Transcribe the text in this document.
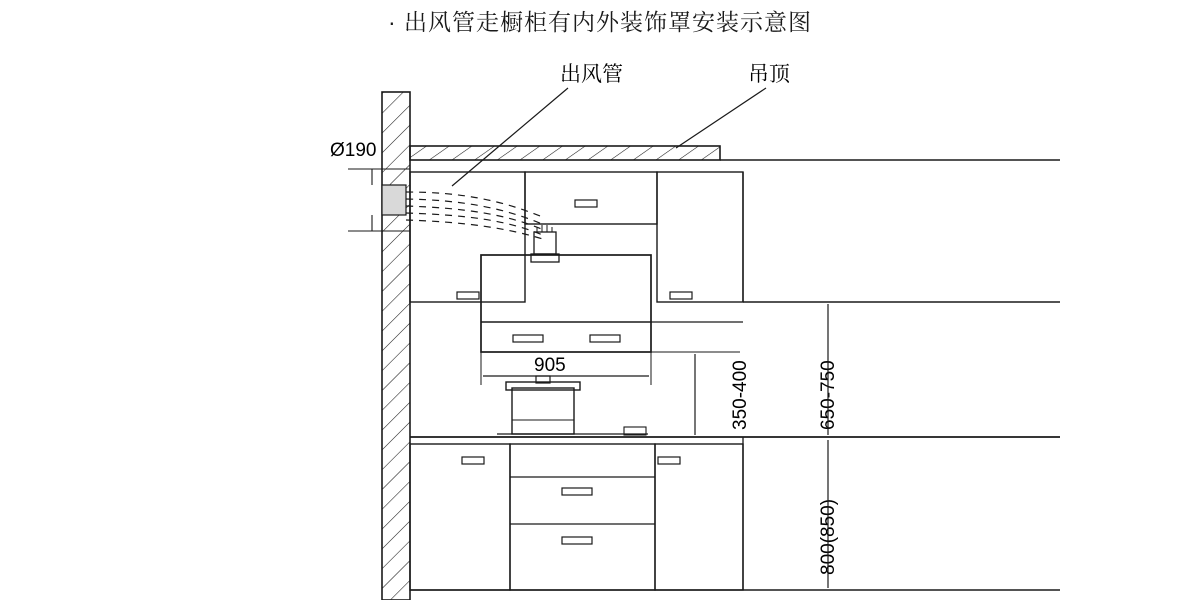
· 出风管走橱柜有内外装饰罩安装示意图
出风管	吊顶
Ø190
905	350-400	650-750
800(850)
